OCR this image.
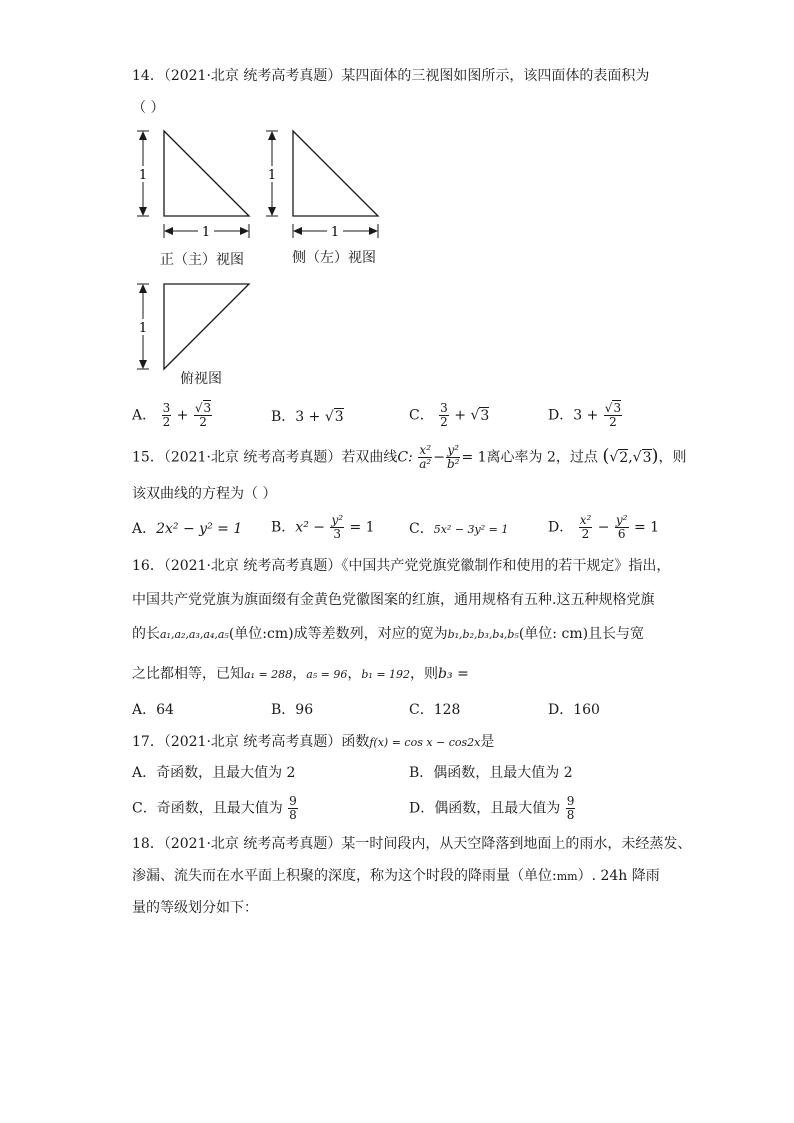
14．（2021·北京 统考高考真题）某四面体的三视图如图所示，该四面体的表面积为
（ ）
1
1
正（主）视图
1
1
侧（左）视图
1
俯视图
A． $\frac{3}{2} + \frac{√3}{2}$	B．3 + √3	C． $\frac{3}{2} + √3$	D．$3 + \frac{√3}{2}$
15．（2021·北京 统考高考真题）若双曲线C: $\frac{\text{x²}}{\text{a²}} - \frac{\text{y²}}{\text{b²}} = 1$离心率为 2，过点 (√2,√3)，则
该双曲线的方程为（ ）
A．2x² − y² = 1 B．$x^2 - \frac{\text{y²}}{3} = 1$ C．5x² − 3y² = 1	D． $\frac{\text{x²}}{2} - \frac{\text{y²}}{6} = 1$
16．（2021·北京 统考高考真题）《中国共产党党旗党徽制作和使用的若干规定》指出，
中国共产党党旗为旗面缀有金黄色党徽图案的红旗，通用规格有五种.这五种规格党旗
的长a₁,a₂,a₃,a₄,a₅(单位:cm)成等差数列，对应的宽为b₁,b₂,b₃,b₄,b₅(单位: cm)且长与宽
之比都相等，已知a₁ = 288，a₅ = 96，b₁ = 192，则b₃ =
A．64	B．96	C．128	D．160
17．（2021·北京 统考高考真题）函数f(x) = cos x − cos2x是
A．奇函数，且最大值为 2	B．偶函数，且最大值为 2
C．奇函数，且最大值为 $\frac{9}{8}$	D．偶函数，且最大值为 $\frac{9}{8}$
18．（2021·北京 统考高考真题）某一时间段内，从天空降落到地面上的雨水，未经蒸发、
渗漏、流失而在水平面上积聚的深度，称为这个时段的降雨量（单位:mm）. 24h 降雨
量的等级划分如下：
